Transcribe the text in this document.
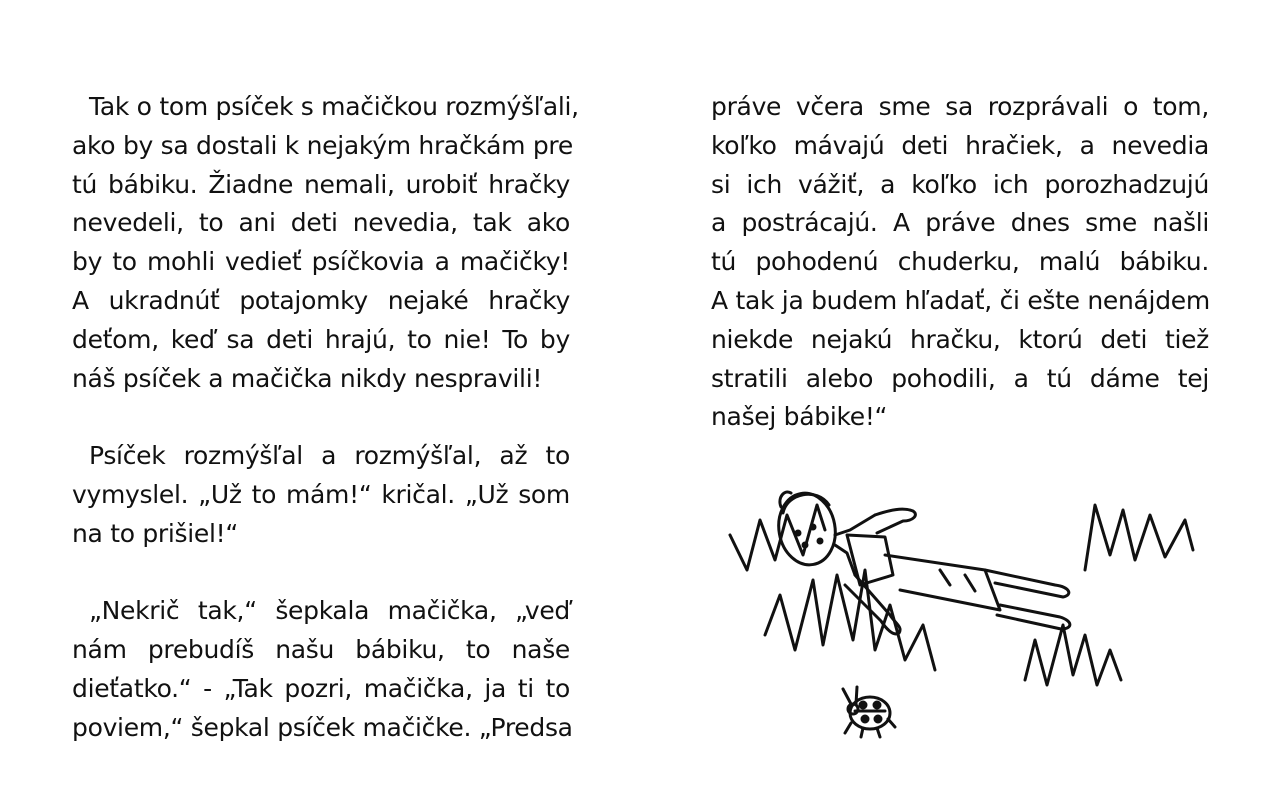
Tak o tom psíček s mačičkou rozmýšľali,
ako by sa dostali k nejakým hračkám pre
tú bábiku. Žiadne nemali, urobiť hračky
nevedeli, to ani deti nevedia, tak ako
by to mohli vedieť psíčkovia a mačičky!
A ukradnúť potajomky nejaké hračky
deťom, keď sa deti hrajú, to nie! To by
náš psíček a mačička nikdy nespravili!
Psíček rozmýšľal a rozmýšľal, až to
vymyslel. „Už to mám!“ kričal. „Už som
na to prišiel!“
„Nekrič tak,“ šepkala mačička, „veď
nám prebudíš našu bábiku, to naše
dieťatko.“ - „Tak pozri, mačička, ja ti to
poviem,“ šepkal psíček mačičke. „Predsa
práve včera sme sa rozprávali o tom,
koľko mávajú deti hračiek, a nevedia
si ich vážiť, a koľko ich porozhadzujú
a postrácajú. A práve dnes sme našli
tú pohodenú chuderku, malú bábiku.
A tak ja budem hľadať, či ešte nenájdem
niekde nejakú hračku, ktorú deti tiež
stratili alebo pohodili, a tú dáme tej
našej bábike!“
